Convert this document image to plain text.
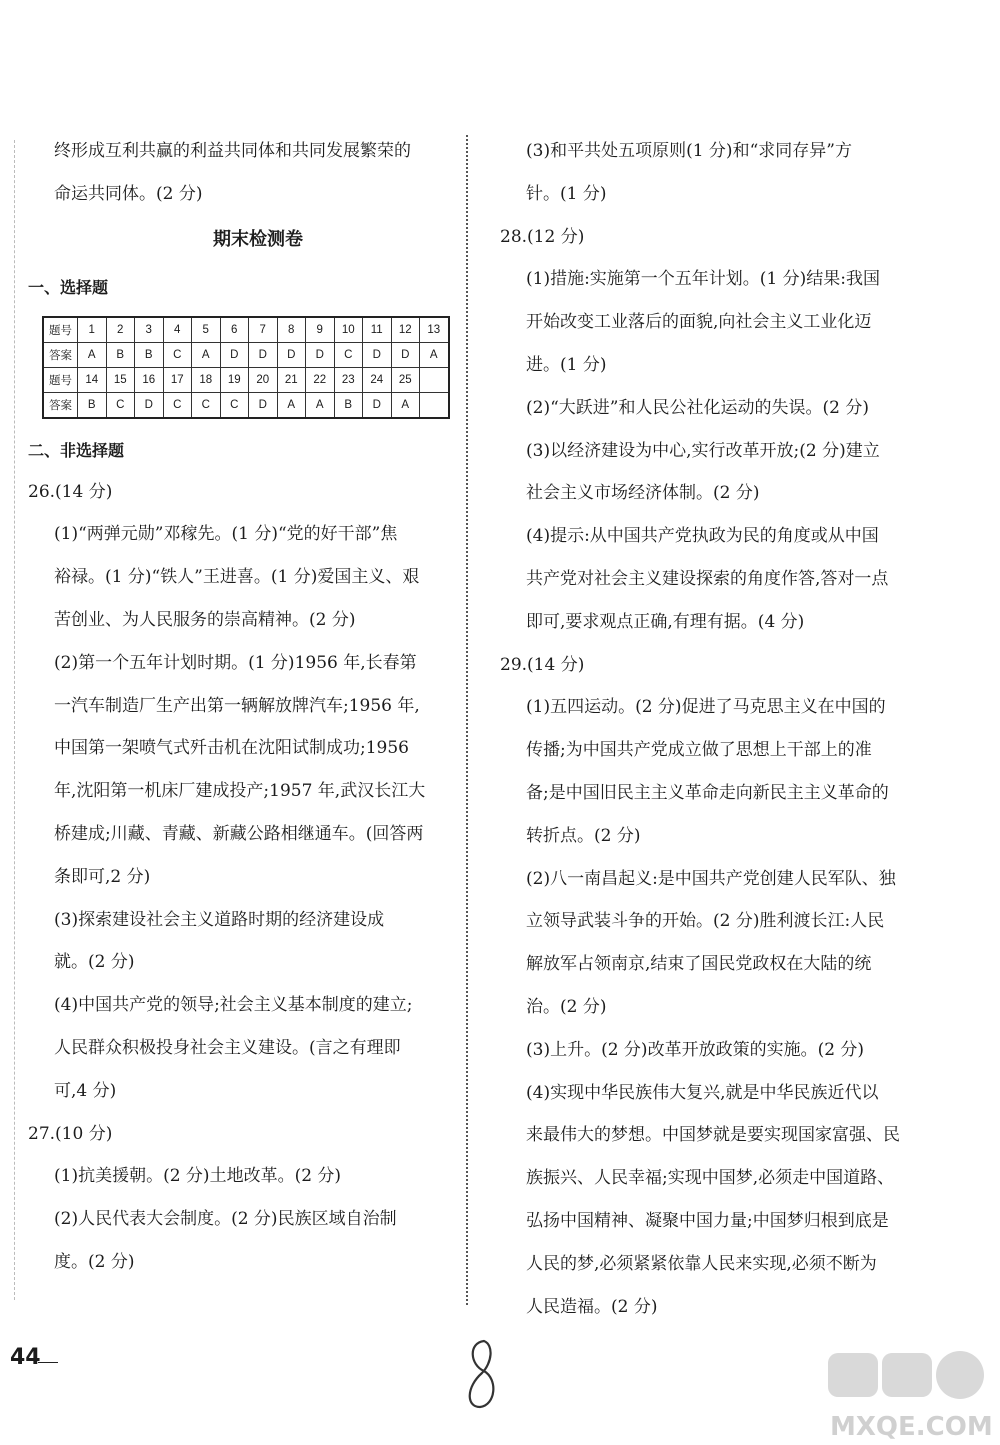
终形成互利共赢的利益共同体和共同发展繁荣的

命运共同体。(2 分)

期末检测卷
一、选择题
题号	1	2	3	4	5	6	7	8	9	10	11	12	13
答案	A	B	B	C	A	D	D	D	D	C	D	D	A
题号	14	15	16	17	18	19	20	21	22	23	24	25	
答案	B	C	D	C	C	C	D	A	A	B	D	A	
二、非选择题

26.(14 分)

(1)“两弹元勋”邓稼先。(1 分)“党的好干部”焦

裕禄。(1 分)“铁人”王进喜。(1 分)爱国主义、艰

苦创业、为人民服务的崇高精神。(2 分)

(2)第一个五年计划时期。(1 分)1956 年,长春第

一汽车制造厂生产出第一辆解放牌汽车;1956 年,

中国第一架喷气式歼击机在沈阳试制成功;1956

年,沈阳第一机床厂建成投产;1957 年,武汉长江大

桥建成;川藏、青藏、新藏公路相继通车。(回答两

条即可,2 分)

(3)探索建设社会主义道路时期的经济建设成

就。(2 分)

(4)中国共产党的领导;社会主义基本制度的建立;

人民群众积极投身社会主义建设。(言之有理即

可,4 分)

27.(10 分)

(1)抗美援朝。(2 分)土地改革。(2 分)

(2)人民代表大会制度。(2 分)民族区域自治制

度。(2 分)

(3)和平共处五项原则(1 分)和“求同存异”方

针。(1 分)

28.(12 分)

(1)措施:实施第一个五年计划。(1 分)结果:我国

开始改变工业落后的面貌,向社会主义工业化迈

进。(1 分)

(2)“大跃进”和人民公社化运动的失误。(2 分)

(3)以经济建设为中心,实行改革开放;(2 分)建立

社会主义市场经济体制。(2 分)

(4)提示:从中国共产党执政为民的角度或从中国

共产党对社会主义建设探索的角度作答,答对一点

即可,要求观点正确,有理有据。(4 分)

29.(14 分)

(1)五四运动。(2 分)促进了马克思主义在中国的

传播;为中国共产党成立做了思想上干部上的准

备;是中国旧民主主义革命走向新民主主义革命的

转折点。(2 分)

(2)八一南昌起义:是中国共产党创建人民军队、独

立领导武装斗争的开始。(2 分)胜利渡长江:人民

解放军占领南京,结束了国民党政权在大陆的统

治。(2 分)

(3)上升。(2 分)改革开放政策的实施。(2 分)

(4)实现中华民族伟大复兴,就是中华民族近代以

来最伟大的梦想。中国梦就是要实现国家富强、民

族振兴、人民幸福;实现中国梦,必须走中国道路、

弘扬中国精神、凝聚中国力量;中国梦归根到底是

人民的梦,必须紧紧依靠人民来实现,必须不断为

人民造福。(2 分)

44
MXQE.COM
